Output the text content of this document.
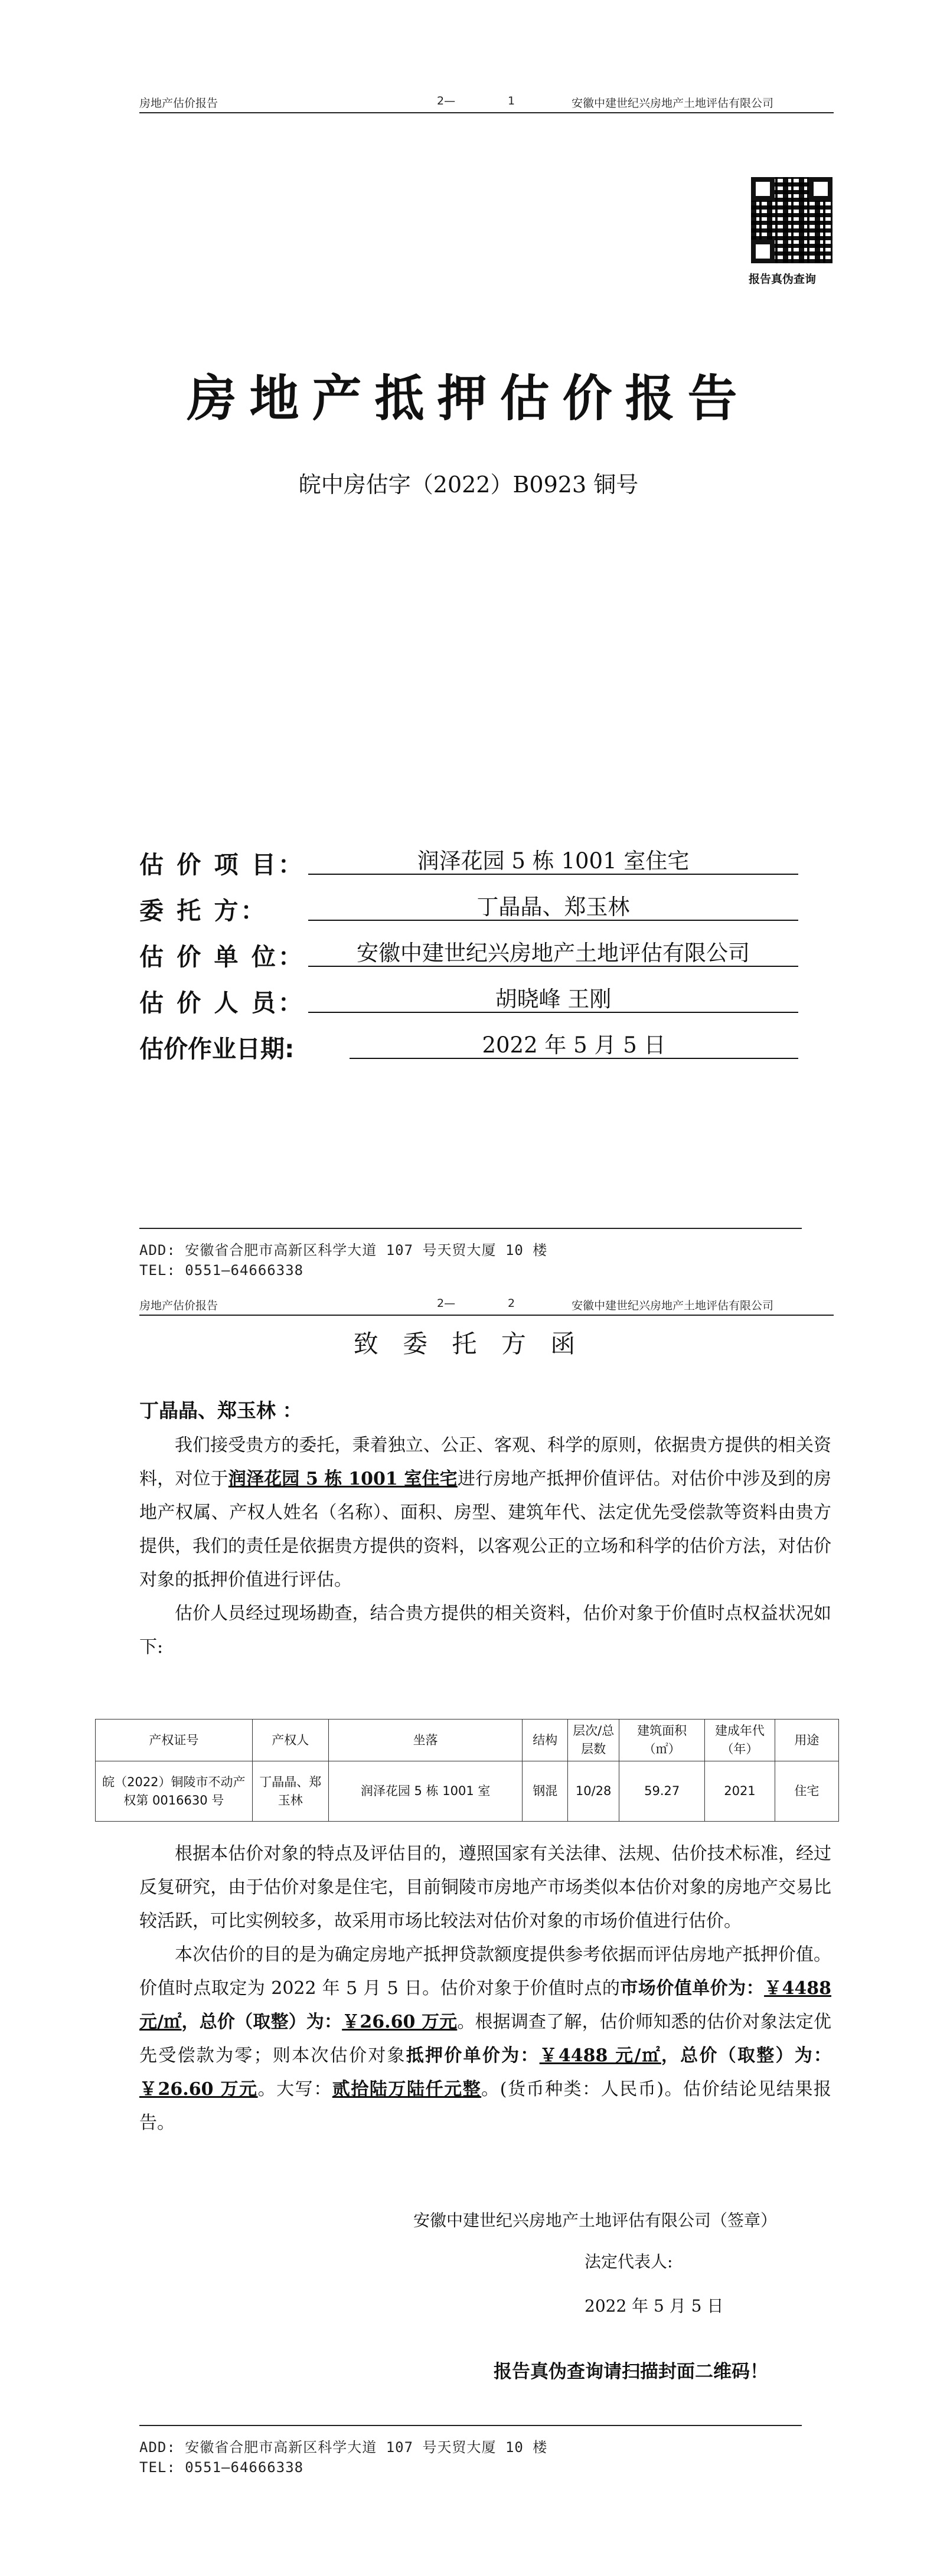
房地产估价报告	2—	1	安徽中建世纪兴房地产土地评估有限公司
报告真伪查询
房地产抵押估价报告
皖中房估字（2022）B0923 铜号
估 价 项 目：	润泽花园 5 栋 1001 室住宅
委 托 方：	丁晶晶、郑玉林
估 价 单 位：	安徽中建世纪兴房地产土地评估有限公司
估 价 人 员：	胡晓峰 王刚
估价作业日期:	2022 年 5 月 5 日
ADD: 安徽省合肥市高新区科学大道 107 号天贸大厦 10 楼
TEL: 0551—64666338
房地产估价报告	2—	2	安徽中建世纪兴房地产土地评估有限公司
致 委 托 方 函
丁晶晶、郑玉林 ：

我们接受贵方的委托，秉着独立、公正、客观、科学的原则，依据贵方提供的相关资料，对位于润泽花园 5 栋 1001 室住宅进行房地产抵押价值评估。对估价中涉及到的房地产权属、产权人姓名（名称）、面积、房型、建筑年代、法定优先受偿款等资料由贵方提供，我们的责任是依据贵方提供的资料，以客观公正的立场和科学的估价方法，对估价对象的抵押价值进行评估。

估价人员经过现场勘查，结合贵方提供的相关资料，估价对象于价值时点权益状况如下:

产权证号	产权人	坐落	结构	层次/总层数	建筑面积（㎡）	建成年代（年）	用途
皖（2022）铜陵市不动产权第 0016630 号	丁晶晶、郑玉林	润泽花园 5 栋 1001 室	钢混	10/28	59.27	2021	住宅

根据本估价对象的特点及评估目的，遵照国家有关法律、法规、估价技术标准，经过反复研究，由于估价对象是住宅，目前铜陵市房地产市场类似本估价对象的房地产交易比较活跃，可比实例较多，故采用市场比较法对估价对象的市场价值进行估价。

本次估价的目的是为确定房地产抵押贷款额度提供参考依据而评估房地产抵押价值。价值时点取定为 2022 年 5 月 5 日。估价对象于价值时点的市场价值单价为：￥4488 元/㎡，总价（取整）为：￥26.60 万元。根据调查了解，估价师知悉的估价对象法定优先受偿款为零；则本次估价对象抵押价单价为：￥4488 元/㎡，总价（取整）为：￥26.60 万元。大写：贰拾陆万陆仟元整。(货币种类：人民币)。估价结论见结果报告。

安徽中建世纪兴房地产土地评估有限公司（签章）
法定代表人:
2022 年 5 月 5 日
报告真伪查询请扫描封面二维码！
ADD: 安徽省合肥市高新区科学大道 107 号天贸大厦 10 楼
TEL: 0551—64666338
